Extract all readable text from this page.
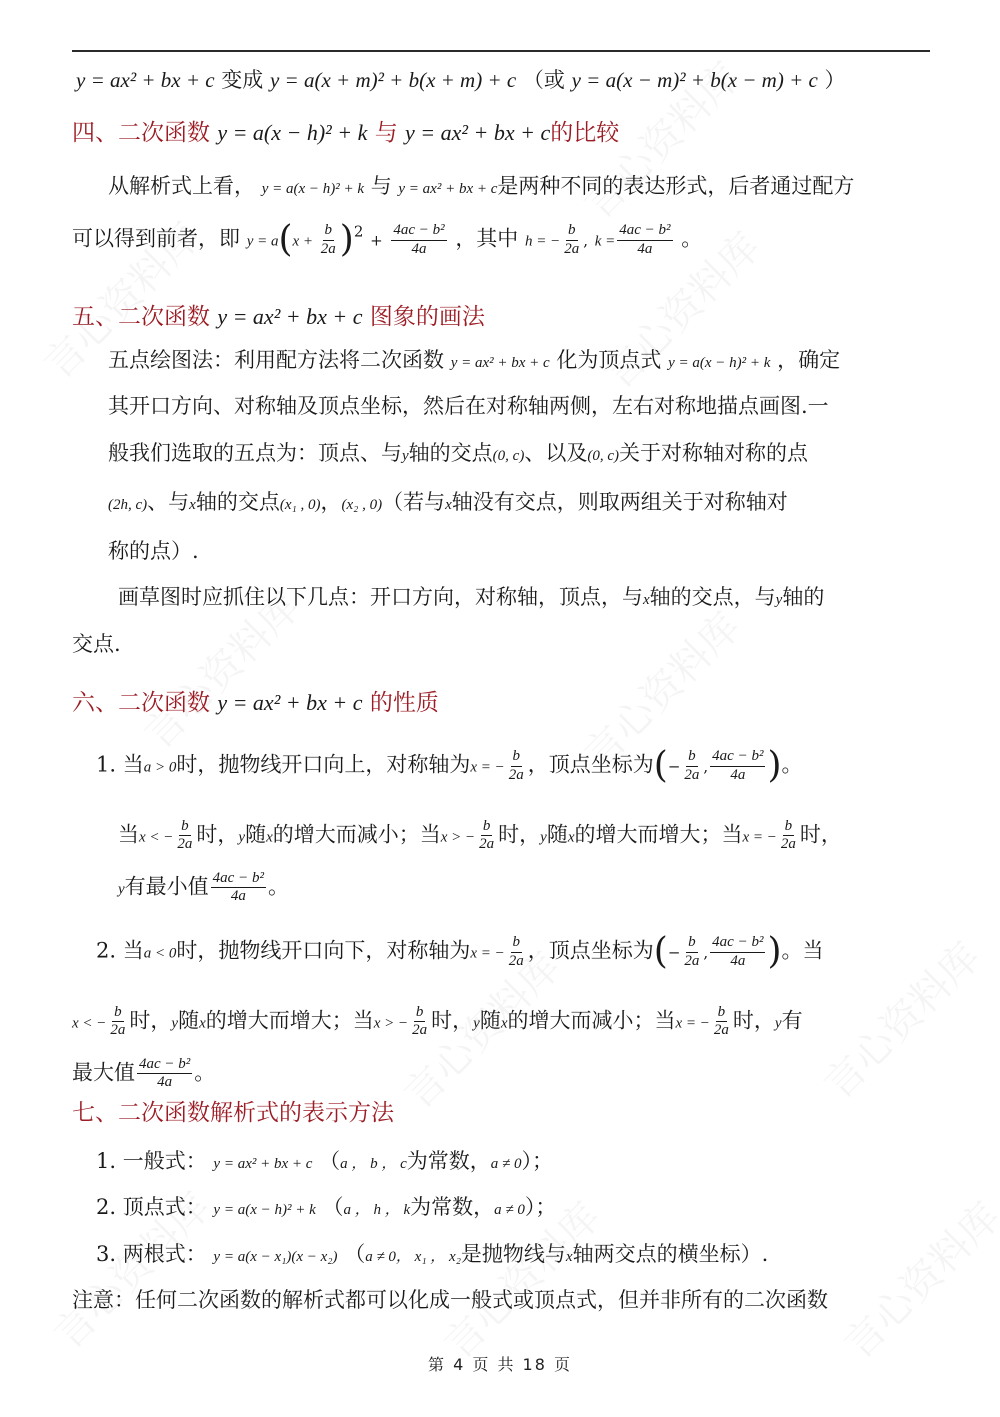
y = ax² + bx + c 变成 y = a(x + m)² + b(x + m) + c （或 y = a(x − m)² + b(x − m) + c ）
四、二次函数 y = a(x − h)² + k 与 y = ax² + bx + c的比较
从解析式上看， y = a(x − h)² + k 与 y = ax² + bx + c是两种不同的表达形式，后者通过配方
可以得到前者，即 $y = a(x + \frac{b}{2a} )^2 + \frac{\text{4ac − b²}}{4a}$ ，其中 h = − $\frac{b}{2a}$ , $k = \frac{\text{4ac − b²}}{4a}$ 。
五、二次函数 y = ax² + bx + c 图象的画法
五点绘图法：利用配方法将二次函数 y = ax² + bx + c 化为顶点式 y = a(x − h)² + k ，确定
其开口方向、对称轴及顶点坐标，然后在对称轴两侧，左右对称地描点画图.一
般我们选取的五点为：顶点、与y轴的交点(0, c)、以及(0, c)关于对称轴对称的点
(2h, c)、与x轴的交点(x₁ , 0)，(x₂ , 0)（若与x轴没有交点，则取两组关于对称轴对
称的点）.
画草图时应抓住以下几点：开口方向，对称轴，顶点，与x轴的交点，与y轴的
交点.
六、二次函数 y = ax² + bx + c 的性质
1. 当a > 0时，抛物线开口向上，对称轴为x = − $\frac{b}{2a}$ ，顶点坐标为(− $\frac{b}{2a}$ , $\frac{\text{4ac − b²}}{4a}$ )。
当x < − $\frac{b}{2a}$ 时，y随x的增大而减小；当x > − $\frac{b}{2a}$ 时，y随x的增大而增大；当x = − $\frac{b}{2a}$ 时，
y有最小值 $\frac{\text{4ac − b²}}{4a}$ 。
2. 当a < 0时，抛物线开口向下，对称轴为x = − $\frac{b}{2a}$ ，顶点坐标为(− $\frac{b}{2a}$ , $\frac{\text{4ac − b²}}{4a}$ )。当
x < − $\frac{b}{2a}$ 时，y随x的增大而增大；当x > − $\frac{b}{2a}$ 时，y随x的增大而减小；当x = − $\frac{b}{2a}$ 时，y有
最大值 $\frac{\text{4ac − b²}}{4a}$ 。
七、二次函数解析式的表示方法
1. 一般式： y = ax² + bx + c （a ， b ， c为常数，a ≠ 0）；
2. 顶点式： y = a(x − h)² + k （a ， h ， k为常数，a ≠ 0）；
3. 两根式： y = a(x − x₁)(x − x₂) （a ≠ 0， x₁ ， x₂是抛物线与x轴两交点的横坐标）.
注意：任何二次函数的解析式都可以化成一般式或顶点式，但并非所有的二次函数
第 4 页 共 18 页
